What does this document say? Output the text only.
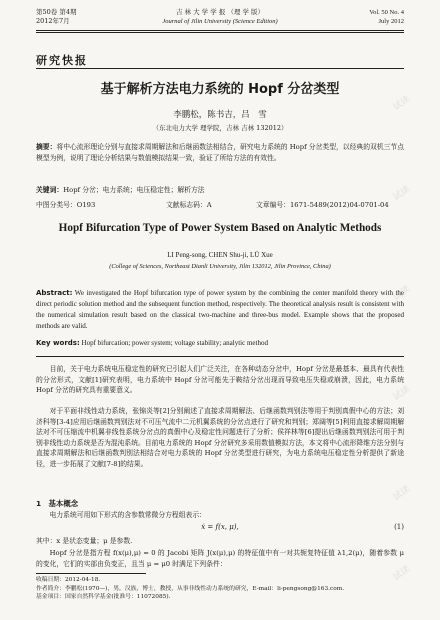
第50卷 第4期
2012年7月
吉 林 大 学 学 报 （理 学 版）
Journal of Jilin University (Science Edition)
Vol. 50 No. 4
July 2012
研究快报
基于解析方法电力系统的 Hopf 分岔类型
李鹏松，陈书吉，吕　雪
（东北电力大学 理学院，吉林 吉林 132012）
摘要：将中心流形理论分别与直接求周期解法和后继函数法相结合，研究电力系统的 Hopf 分岔类型，以经典的双机三节点模型为例，说明了理论分析结果与数值模拟结果一致，验证了所给方法的有效性。
关键词：Hopf 分岔；电力系统；电压稳定性；解析方法
中图分类号：O193	文献标志码：A	文章编号：1671-5489(2012)04-0701-04
Hopf Bifurcation Type of Power System Based on Analytic Methods
LI Peng-song, CHEN Shu-ji, LÜ Xue
(College of Sciences, Northeast Dianli University, Jilin 132012, Jilin Province, China)
Abstract: We investigated the Hopf bifurcation type of power system by the combining the center manifold theory with the direct periodic solution method and the subsequent function method, respectively. The theoretical analysis result is consistent with the numerical simulation result based on the classical two-machine and three-bus model. Example shows that the proposed methods are valid.
Key words: Hopf bifurcation; power system; voltage stability; analytic method
目前，关于电力系统电压稳定性的研究已引起人们广泛关注，在各种动态分岔中，Hopf 分岔是最基本、最具有代表性的分岔形式，文献[1]研究表明，电力系统中 Hopf 分岔可能先于鞍结分岔出现而导致电压失稳或崩溃，因此，电力系统 Hopf 分岔的研究具有重要意义。
对于平面非线性动力系统，张锦炎等[2]分别阐述了直接求周期解法、后继函数判别法等用于判别真假中心的方法；刘济科等[3-4]应用后继函数判别法对不可压气流中二元机翼系统的分岔点进行了研究和判别；郑阔等[5]利用直接求解周期解法对不可压缩流中机翼非线性系统分岔点的真假中心及稳定性问题进行了分析；侯祥林等[6]提出后继函数判别法可用于判别非线性动力系统是否为混沌系统。目前电力系统的 Hopf 分岔研究多采用数值模拟方法，本文将中心流形降维方法分别与直接求周期解法和后继函数判别法相结合对电力系统的 Hopf 分岔类型进行研究，为电力系统电压稳定性分析提供了新途径，进一步拓展了文献[7-8]的结果。
1　基本概念
电力系统可用如下形式的含参数常微分方程组表示：
ẋ = f(x, μ),	(1)
其中：x 是状态变量；μ 是参数.
Hopf 分岔是指方程 f(x(μ),μ) = 0 的 Jacobi 矩阵 J(x(μ),μ) 的特征值中有一对共轭复特征值 λ1,2(μ)，随着参数 μ 的变化，它们的实部由负变正，且当 μ = μ0 时满足下列条件：
收稿日期：2012-04-18.
作者简介：李鹏松(1970—)，男，汉族，博士，教授，从事非线性动力系统的研究，E-mail：li-pengsong@163.com.
基金项目：国家自然科学基金(批准号：11072085).
试读
试读
试读
试读
试读
试读
